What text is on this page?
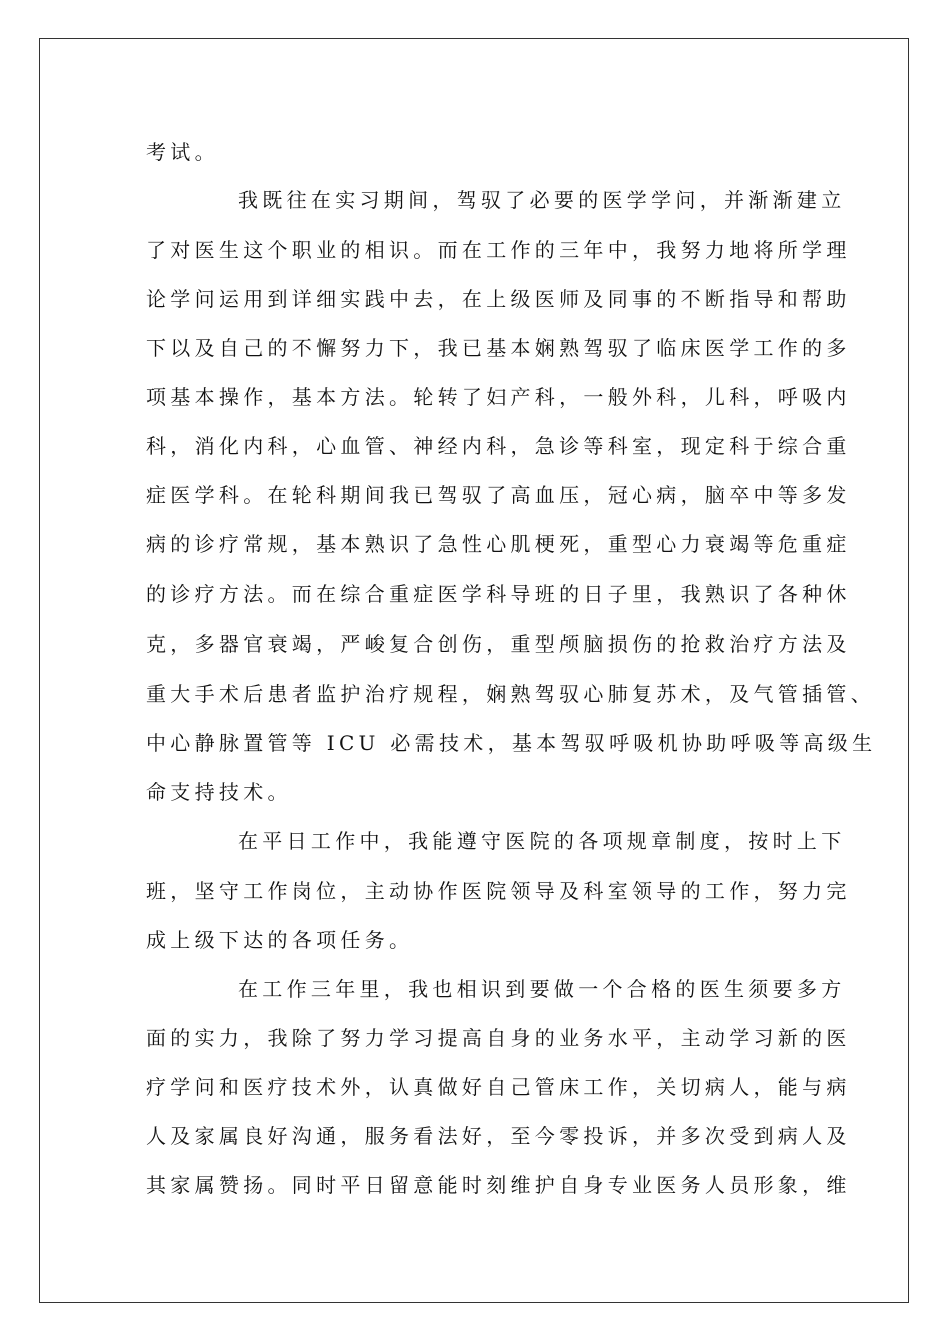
考试。

我既往在实习期间，驾驭了必要的医学学问，并渐渐建立

了对医生这个职业的相识。而在工作的三年中，我努力地将所学理

论学问运用到详细实践中去，在上级医师及同事的不断指导和帮助

下以及自己的不懈努力下，我已基本娴熟驾驭了临床医学工作的多

项基本操作，基本方法。轮转了妇产科，一般外科，儿科，呼吸内

科，消化内科，心血管、神经内科，急诊等科室，现定科于综合重

症医学科。在轮科期间我已驾驭了高血压，冠心病，脑卒中等多发

病的诊疗常规，基本熟识了急性心肌梗死，重型心力衰竭等危重症

的诊疗方法。而在综合重症医学科导班的日子里，我熟识了各种休

克，多器官衰竭，严峻复合创伤，重型颅脑损伤的抢救治疗方法及

重大手术后患者监护治疗规程，娴熟驾驭心肺复苏术，及气管插管、

中心静脉置管等 ICU 必需技术，基本驾驭呼吸机协助呼吸等高级生

命支持技术。

在平日工作中，我能遵守医院的各项规章制度，按时上下

班，坚守工作岗位，主动协作医院领导及科室领导的工作，努力完

成上级下达的各项任务。

在工作三年里，我也相识到要做一个合格的医生须要多方

面的实力，我除了努力学习提高自身的业务水平，主动学习新的医

疗学问和医疗技术外，认真做好自己管床工作，关切病人，能与病

人及家属良好沟通，服务看法好，至今零投诉，并多次受到病人及

其家属赞扬。同时平日留意能时刻维护自身专业医务人员形象，维
